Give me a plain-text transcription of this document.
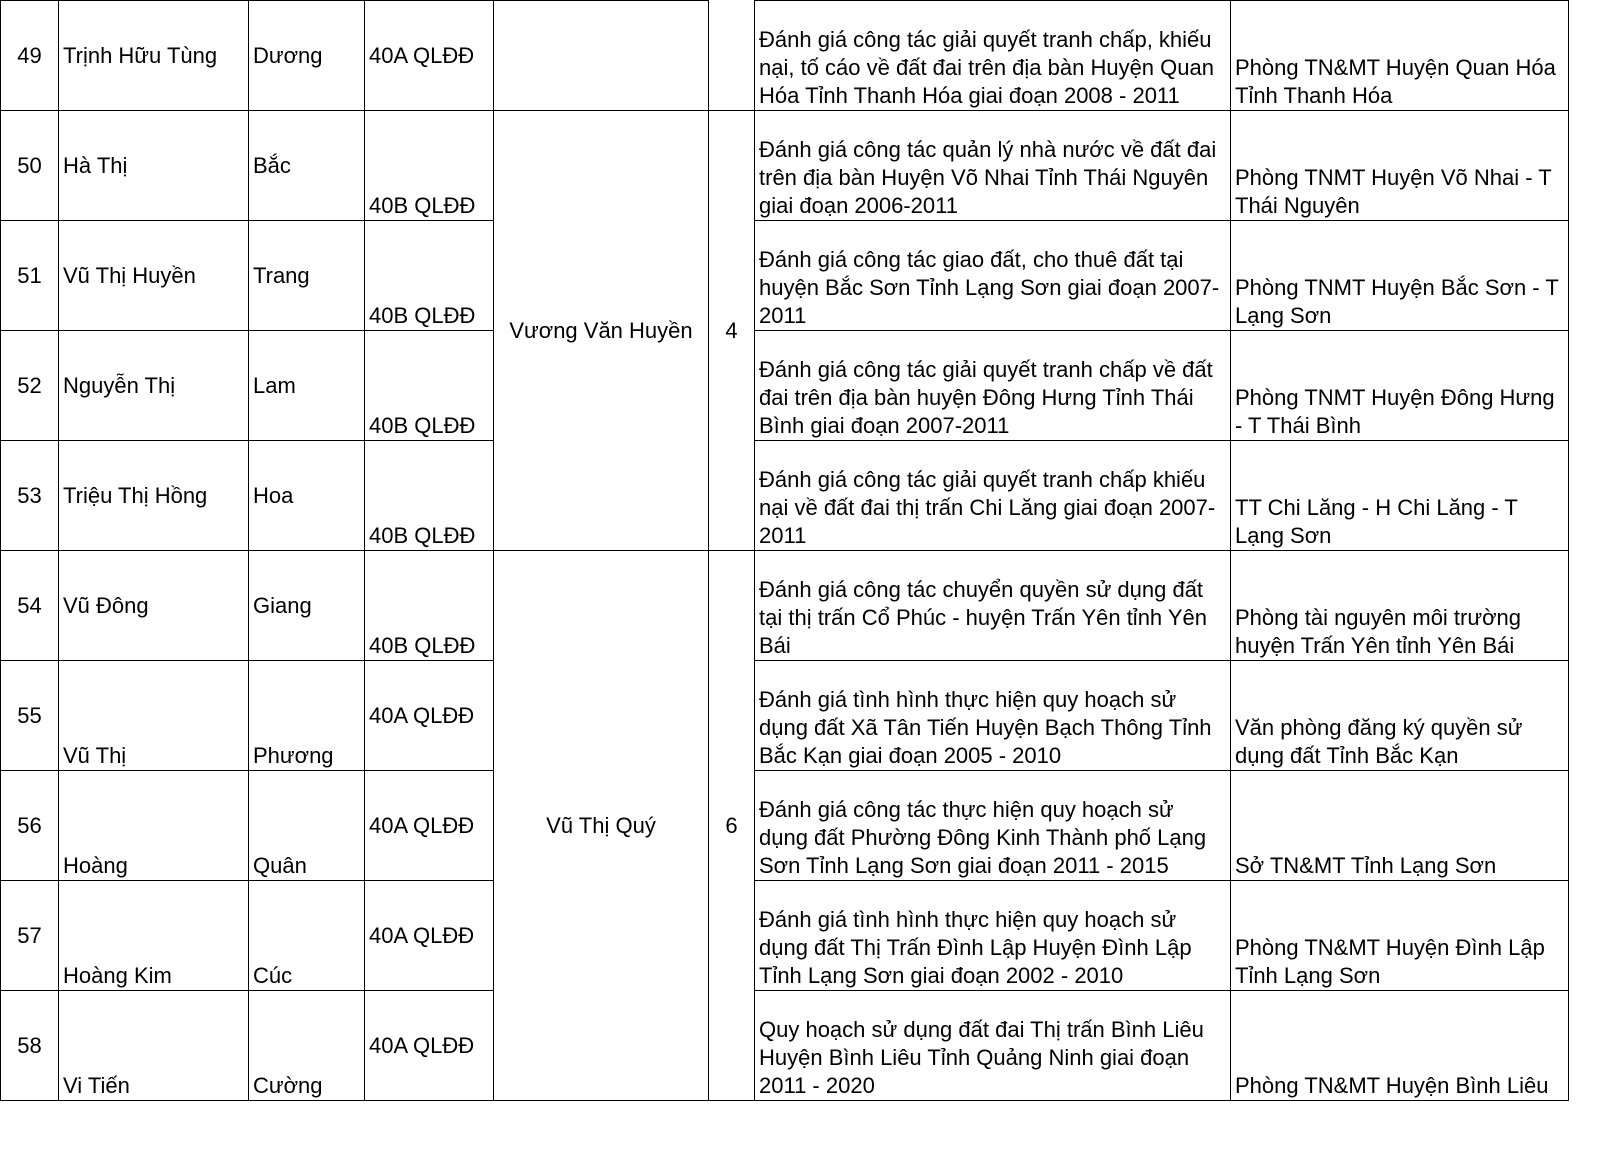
49	Trịnh Hữu Tùng	Dương	40A QLĐĐ			Đánh giá công tác giải quyết tranh chấp, khiếu nại, tố cáo về đất đai trên địa bàn Huyện Quan Hóa Tỉnh Thanh Hóa giai đoạn 2008 - 2011	Phòng TN&MT Huyện Quan Hóa Tỉnh Thanh Hóa
50	Hà Thị	Bắc	40B QLĐĐ	Vương Văn Huyền	4	Đánh giá công tác quản lý nhà nước về đất đai trên địa bàn Huyện Võ Nhai Tỉnh Thái Nguyên giai đoạn 2006-2011	Phòng TNMT Huyện Võ Nhai - T Thái Nguyên
51	Vũ Thị Huyền	Trang	40B QLĐĐ			Đánh giá công tác giao đất, cho thuê đất tại huyện Bắc Sơn Tỉnh Lạng Sơn giai đoạn 2007-2011	Phòng TNMT Huyện Bắc Sơn - T Lạng Sơn
52	Nguyễn Thị	Lam	40B QLĐĐ			Đánh giá công tác giải quyết tranh chấp về đất đai trên địa bàn huyện Đông Hưng Tỉnh Thái Bình giai đoạn 2007-2011	Phòng TNMT Huyện Đông Hưng - T Thái Bình
53	Triệu Thị Hồng	Hoa	40B QLĐĐ			Đánh giá công tác giải quyết tranh chấp khiếu nại về đất đai thị trấn Chi Lăng giai đoạn 2007-2011	TT Chi Lăng - H Chi Lăng - T Lạng Sơn
54	Vũ Đông	Giang	40B QLĐĐ	Vũ Thị Quý	6	Đánh giá công tác chuyển quyền sử dụng đất tại thị trấn Cổ Phúc - huyện Trấn Yên tỉnh Yên Bái	Phòng tài nguyên môi trường huyện Trấn Yên tỉnh Yên Bái
55	Vũ Thị	Phương	40A QLĐĐ			Đánh giá tình hình thực hiện quy hoạch sử dụng đất Xã Tân Tiến Huyện Bạch Thông Tỉnh Bắc Kạn giai đoạn 2005 - 2010	Văn phòng đăng ký quyền sử dụng đất Tỉnh Bắc Kạn
56	Hoàng	Quân	40A QLĐĐ			Đánh giá công tác thực hiện quy hoạch sử dụng đất Phường Đông Kinh Thành phố Lạng Sơn Tỉnh Lạng Sơn giai đoạn 2011 - 2015	Sở TN&MT Tỉnh Lạng Sơn
57	Hoàng Kim	Cúc	40A QLĐĐ			Đánh giá tình hình thực hiện quy hoạch sử dụng đất Thị Trấn Đình Lập Huyện Đình Lập Tỉnh Lạng Sơn giai đoạn 2002 - 2010	Phòng TN&MT Huyện Đình Lập Tỉnh Lạng Sơn
58	Vi Tiến	Cường	40A QLĐĐ			Quy hoạch sử dụng đất đai Thị trấn Bình Liêu Huyện Bình Liêu Tỉnh Quảng Ninh giai đoạn 2011 - 2020	Phòng TN&MT Huyện Bình Liêu
